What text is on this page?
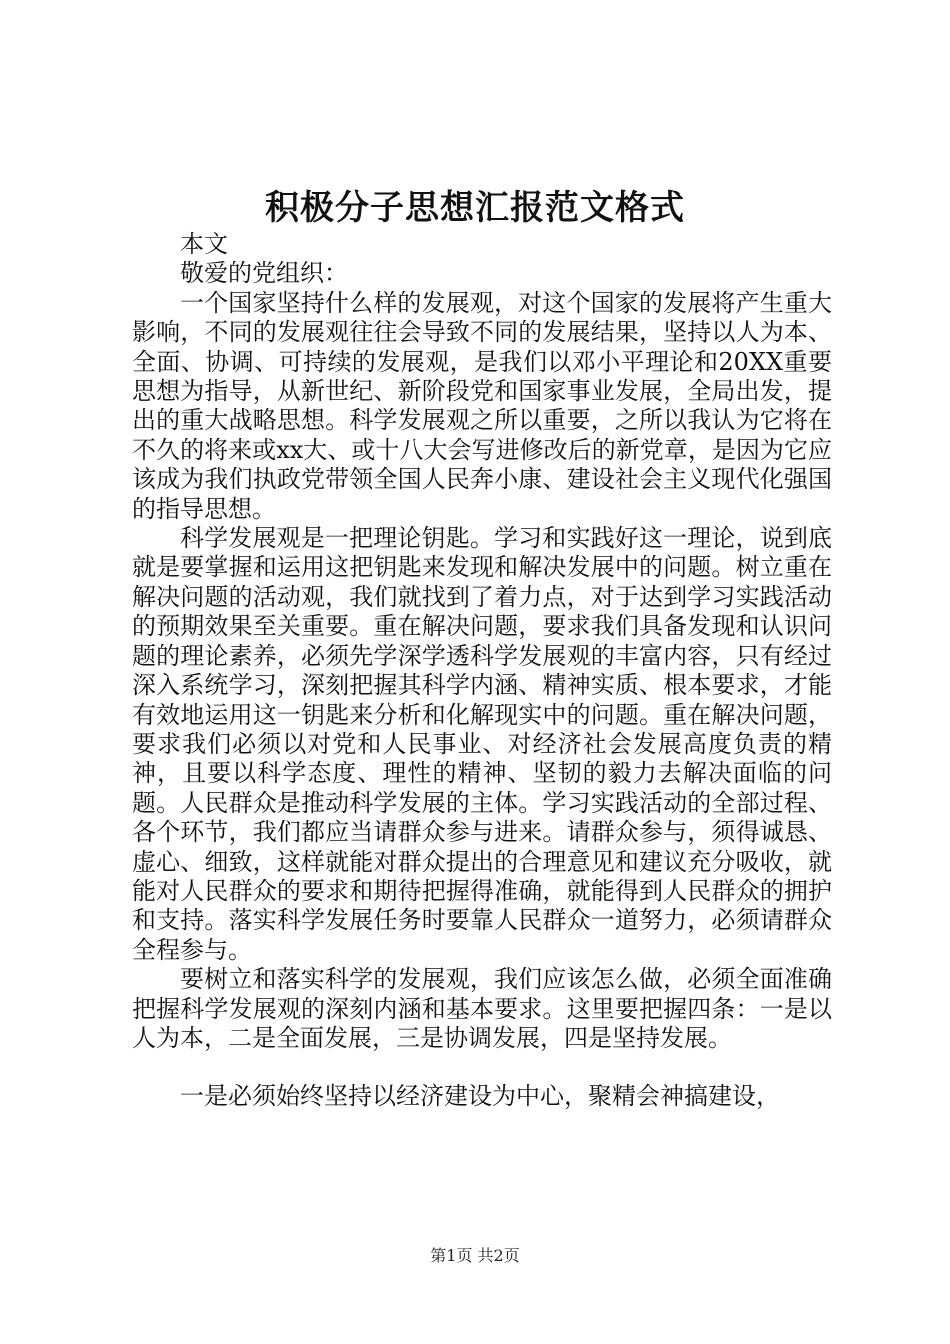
积极分子思想汇报范文格式

本文

敬爱的党组织：

一个国家坚持什么样的发展观，对这个国家的发展将产生重大影响，不同的发展观往往会导致不同的发展结果，坚持以人为本、全面、协调、可持续的发展观，是我们以邓小平理论和20XX重要思想为指导，从新世纪、新阶段党和国家事业发展，全局出发，提出的重大战略思想。科学发展观之所以重要，之所以我认为它将在不久的将来或xx大、或十八大会写进修改后的新党章，是因为它应该成为我们执政党带领全国人民奔小康、建设社会主义现代化强国的指导思想。

科学发展观是一把理论钥匙。学习和实践好这一理论，说到底就是要掌握和运用这把钥匙来发现和解决发展中的问题。树立重在解决问题的活动观，我们就找到了着力点，对于达到学习实践活动的预期效果至关重要。重在解决问题，要求我们具备发现和认识问题的理论素养，必须先学深学透科学发展观的丰富内容，只有经过深入系统学习，深刻把握其科学内涵、精神实质、根本要求，才能有效地运用这一钥匙来分析和化解现实中的问题。重在解决问题，要求我们必须以对党和人民事业、对经济社会发展高度负责的精神，且要以科学态度、理性的精神、坚韧的毅力去解决面临的问题。人民群众是推动科学发展的主体。学习实践活动的全部过程、各个环节，我们都应当请群众参与进来。请群众参与，须得诚恳、虚心、细致，这样就能对群众提出的合理意见和建议充分吸收，就能对人民群众的要求和期待把握得准确，就能得到人民群众的拥护和支持。落实科学发展任务时要靠人民群众一道努力，必须请群众全程参与。

要树立和落实科学的发展观，我们应该怎么做，必须全面准确把握科学发展观的深刻内涵和基本要求。这里要把握四条：一是以人为本，二是全面发展，三是协调发展，四是坚持发展。

一是必须始终坚持以经济建设为中心，聚精会神搞建设，

第1页 共2页
